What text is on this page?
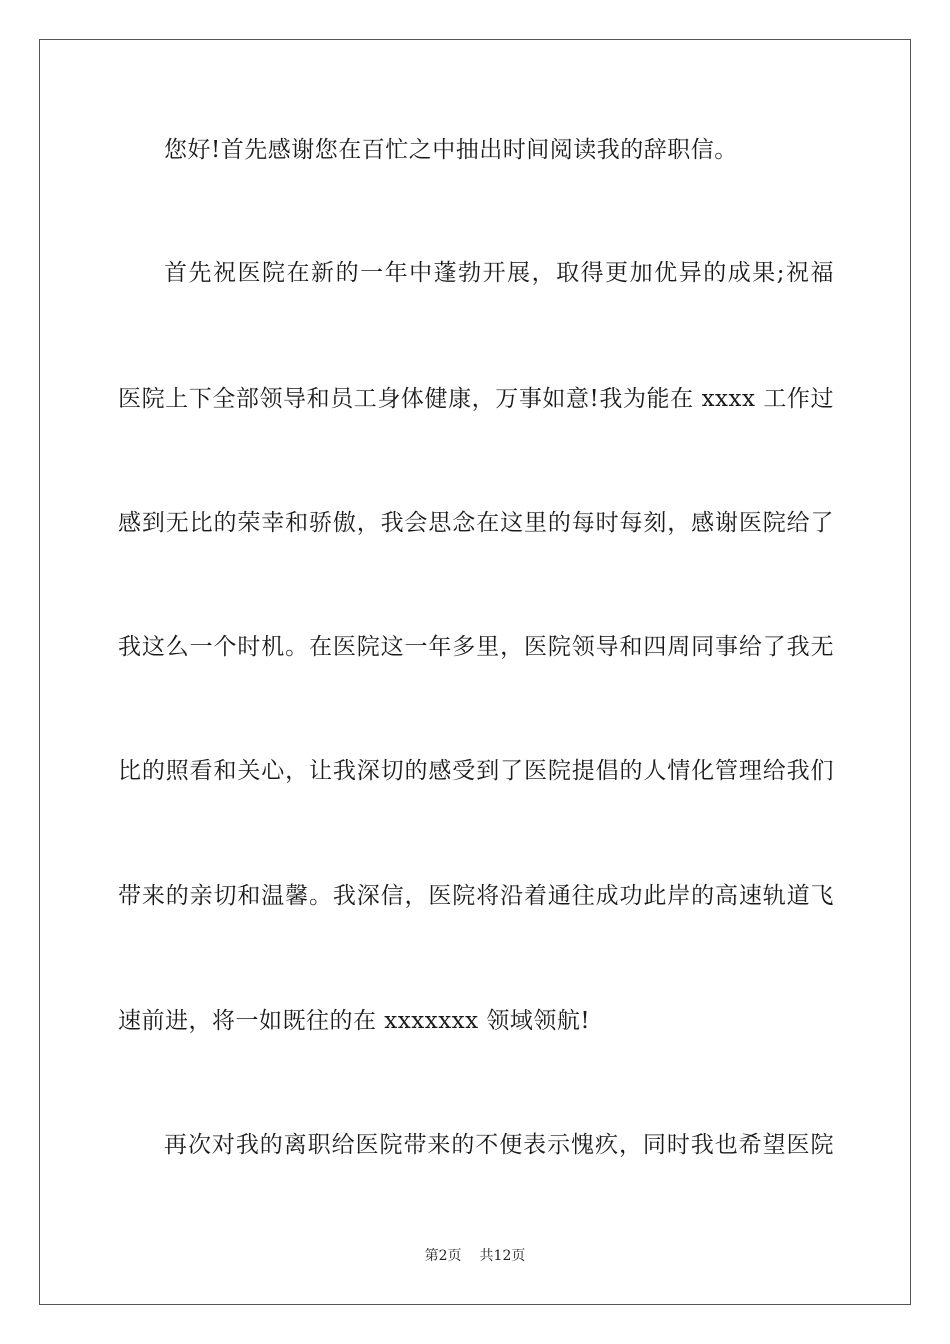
您好!首先感谢您在百忙之中抽出时间阅读我的辞职信。
首先祝医院在新的一年中蓬勃开展，取得更加优异的成果;祝福
医院上下全部领导和员工身体健康，万事如意!我为能在 xxxx 工作过
感到无比的荣幸和骄傲，我会思念在这里的每时每刻，感谢医院给了
我这么一个时机。在医院这一年多里，医院领导和四周同事给了我无
比的照看和关心，让我深切的感受到了医院提倡的人情化管理给我们
带来的亲切和温馨。我深信，医院将沿着通往成功此岸的高速轨道飞
速前进，将一如既往的在 xxxxxxx 领域领航!
再次对我的离职给医院带来的不便表示愧疚，同时我也希望医院
第2页 共12页
